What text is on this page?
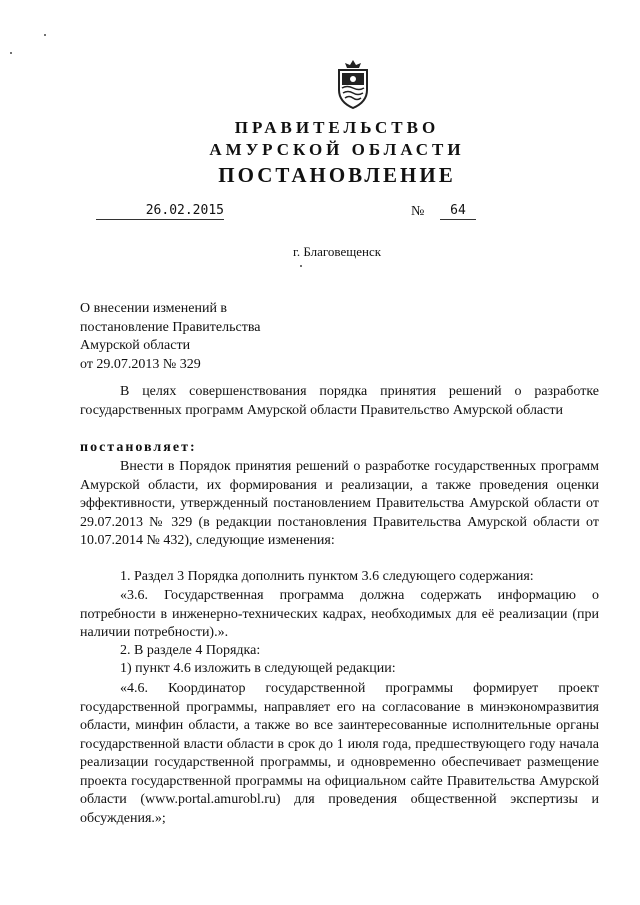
ПРАВИТЕЛЬСТВО
АМУРСКОЙ ОБЛАСТИ
ПОСТАНОВЛЕНИЕ
26.02.2015	№	64
г. Благовещенск
О внесении изменений в
постановление Правительства
Амурской области
от 29.07.2013 № 329
В целях совершенствования порядка принятия решений о разработке государственных программ Амурской области Правительство Амурской области
постановляет:
Внести в Порядок принятия решений о разработке государственных программ Амурской области, их формирования и реализации, а также проведения оценки эффективности, утвержденный постановлением Правительства Амурской области от 29.07.2013 № 329 (в редакции постановления Правительства Амурской области от 10.07.2014 № 432), следующие изменения:
1. Раздел 3 Порядка дополнить пунктом 3.6 следующего содержания:
«3.6. Государственная программа должна содержать информацию о потребности в инженерно-технических кадрах, необходимых для её реализации (при наличии потребности).».
2. В разделе 4 Порядка:
1) пункт 4.6 изложить в следующей редакции:
«4.6. Координатор государственной программы формирует проект государственной программы, направляет его на согласование в минэкономразвития области, минфин области, а также во все заинтересованные исполнительные органы государственной власти области в срок до 1 июля года, предшествующего году начала реализации государственной программы, и одновременно обеспечивает размещение проекта государственной программы на официальном сайте Правительства Амурской области (www.portal.amurobl.ru) для проведения общественной экспертизы и обсуждения.»;
